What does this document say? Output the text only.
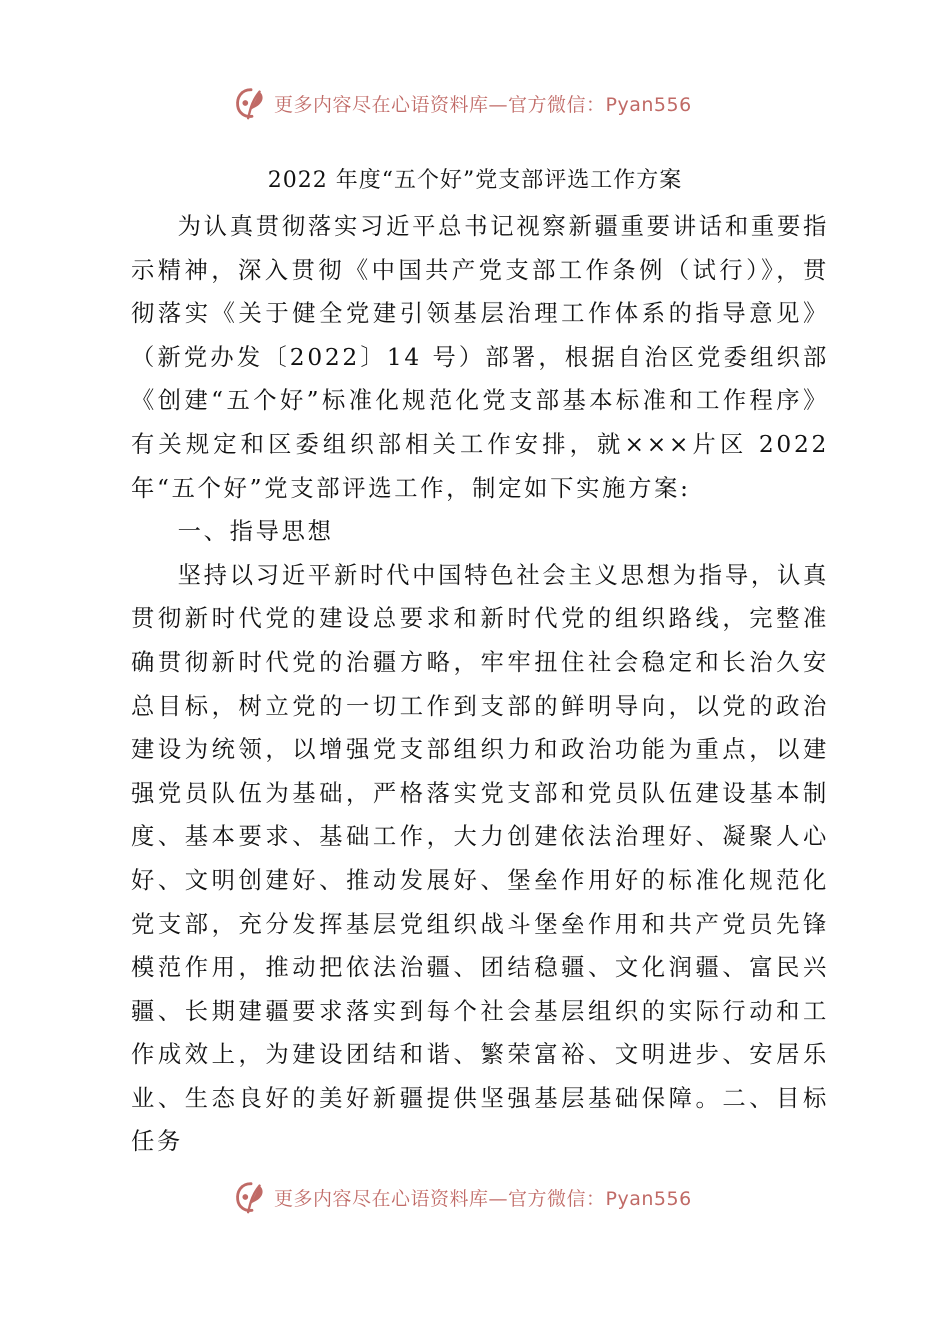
更多内容尽在心语资料库—官方微信：Pyan556
2022 年度“五个好”党支部评选工作方案

为认真贯彻落实习近平总书记视察新疆重要讲话和重要指示精神，深入贯彻《中国共产党支部工作条例（试行）》，贯彻落实《关于健全党建引领基层治理工作体系的指导意见》（新党办发〔2022〕14 号）部署，根据自治区党委组织部《创建“五个好”标准化规范化党支部基本标准和工作程序》有关规定和区委组织部相关工作安排，就×××片区 2022 年“五个好”党支部评选工作，制定如下实施方案:

一、指导思想

坚持以习近平新时代中国特色社会主义思想为指导，认真贯彻新时代党的建设总要求和新时代党的组织路线，完整准确贯彻新时代党的治疆方略，牢牢扭住社会稳定和长治久安总目标，树立党的一切工作到支部的鲜明导向，以党的政治建设为统领，以增强党支部组织力和政治功能为重点，以建强党员队伍为基础，严格落实党支部和党员队伍建设基本制度、基本要求、基础工作，大力创建依法治理好、凝聚人心好、文明创建好、推动发展好、堡垒作用好的标准化规范化党支部，充分发挥基层党组织战斗堡垒作用和共产党员先锋模范作用，推动把依法治疆、团结稳疆、文化润疆、富民兴疆、长期建疆要求落实到每个社会基层组织的实际行动和工作成效上，为建设团结和谐、繁荣富裕、文明进步、安居乐业、生态良好的美好新疆提供坚强基层基础保障。二、目标任务

更多内容尽在心语资料库—官方微信：Pyan556
